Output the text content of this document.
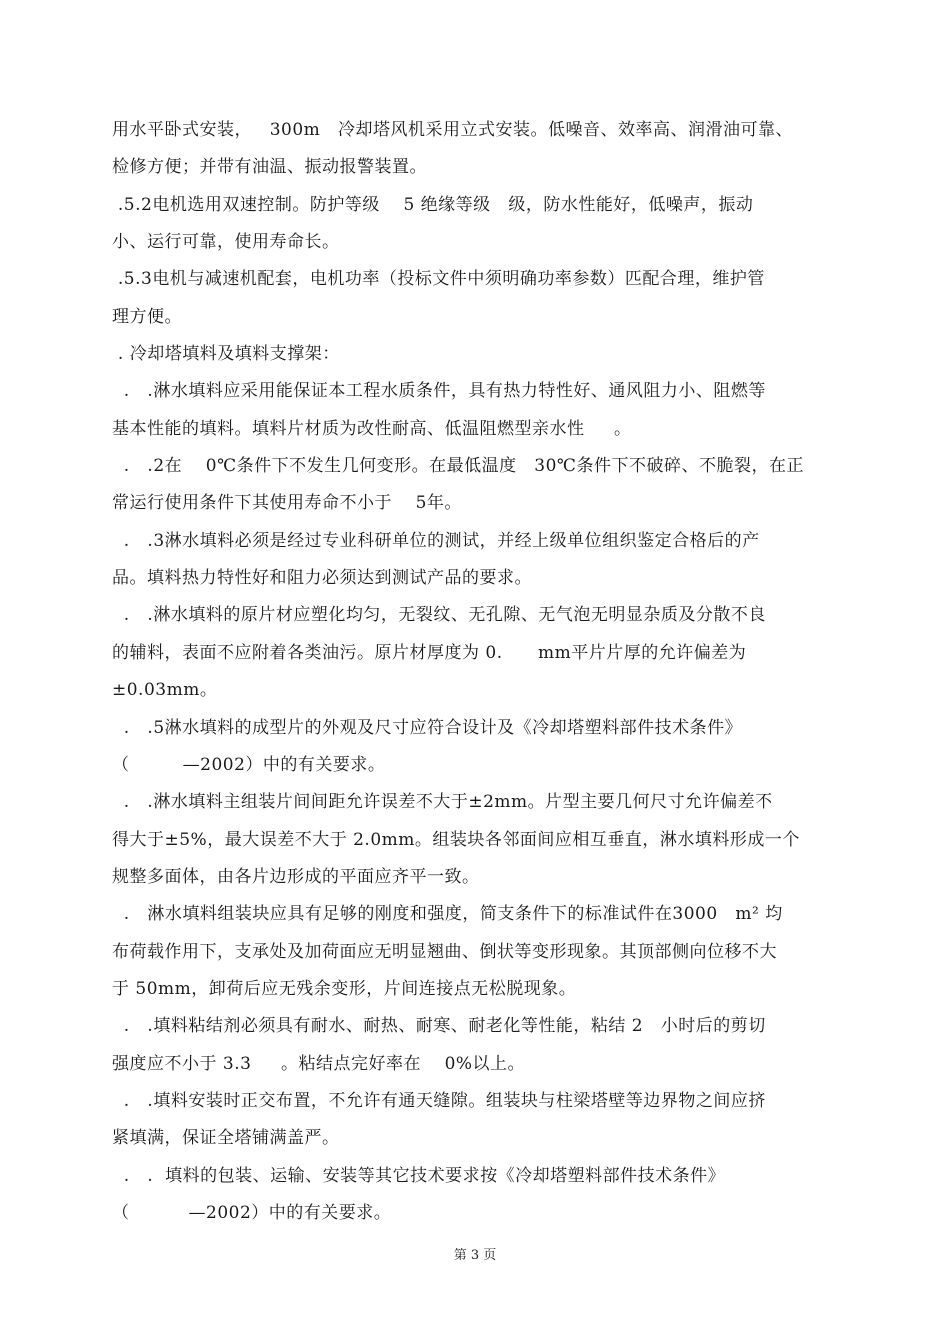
用水平卧式安装，   300m   冷却塔风机采用立式安装。低噪音、效率高、润滑油可靠、
检修方便；并带有油温、振动报警装置。
.5.2电机选用双速控制。防护等级    5 绝缘等级   级，防水性能好，低噪声，振动
小、运行可靠，使用寿命长。
.5.3电机与减速机配套，电机功率（投标文件中须明确功率参数）匹配合理，维护管
理方便。
. 冷却塔填料及填料支撑架：
.   .淋水填料应采用能保证本工程水质条件，具有热力特性好、通风阻力小、阻燃等
基本性能的填料。填料片材质为改性耐高、低温阻燃型亲水性     。
.   .2在    0℃条件下不发生几何变形。在最低温度   30℃条件下不破碎、不脆裂，在正
常运行使用条件下其使用寿命不小于    5年。
.   .3淋水填料必须是经过专业科研单位的测试，并经上级单位组织鉴定合格后的产
品。填料热力特性好和阻力必须达到测试产品的要求。
.   .淋水填料的原片材应塑化均匀，无裂纹、无孔隙、无气泡无明显杂质及分散不良
的辅料，表面不应附着各类油污。原片材厚度为 0.      mm平片片厚的允许偏差为
±0.03mm。
.   .5淋水填料的成型片的外观及尺寸应符合设计及《冷却塔塑料部件技术条件》
（         —2002）中的有关要求。
.   .淋水填料主组装片间间距允许误差不大于±2mm。片型主要几何尺寸允许偏差不
得大于±5%，最大误差不大于 2.0mm。组装块各邻面间应相互垂直，淋水填料形成一个
规整多面体，由各片边形成的平面应齐平一致。
.   淋水填料组装块应具有足够的刚度和强度，简支条件下的标准试件在3000   m² 均
布荷载作用下，支承处及加荷面应无明显翘曲、倒状等变形现象。其顶部侧向位移不大
于 50mm，卸荷后应无残余变形，片间连接点无松脱现象。
.   .填料粘结剂必须具有耐水、耐热、耐寒、耐老化等性能，粘结 2   小时后的剪切
强度应不小于 3.3     。粘结点完好率在    0%以上。
.   .填料安装时正交布置，不允许有通天缝隙。组装块与柱梁塔壁等边界物之间应挤
紧填满，保证全塔铺满盖严。
.   .  填料的包装、运输、安装等其它技术要求按《冷却塔塑料部件技术条件》
（          —2002）中的有关要求。
第 3 页
